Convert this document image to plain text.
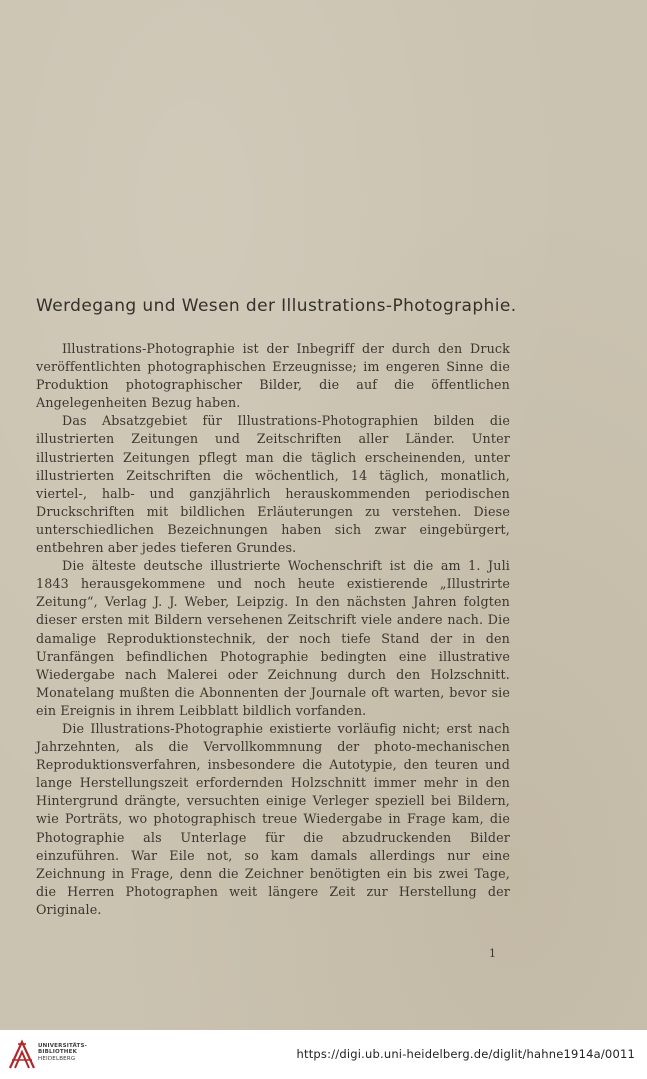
Werdegang und Wesen der Illustrations-Photographie.

Illustrations-Photographie ist der Inbegriff der durch den Druck veröffentlichten photographischen Erzeugnisse; im engeren Sinne die Produktion photographischer Bilder, die auf die öffentlichen Angelegenheiten Bezug haben.

Das Absatzgebiet für Illustrations-Photographien bilden die illustrierten Zeitungen und Zeitschriften aller Länder. Unter illustrierten Zeitungen pflegt man die täglich erscheinenden, unter illustrierten Zeitschriften die wöchentlich, 14 täglich, monatlich, viertel-, halb- und ganzjährlich herauskommenden periodischen Druckschriften mit bildlichen Erläuterungen zu verstehen. Diese unterschiedlichen Bezeichnungen haben sich zwar eingebürgert, entbehren aber jedes tieferen Grundes.

Die älteste deutsche illustrierte Wochenschrift ist die am 1. Juli 1843 herausgekommene und noch heute existierende „Illustrirte Zeitung“, Verlag J. J. Weber, Leipzig. In den nächsten Jahren folgten dieser ersten mit Bildern versehenen Zeitschrift viele andere nach. Die damalige Reproduktionstechnik, der noch tiefe Stand der in den Uranfängen befindlichen Photographie bedingten eine illustrative Wiedergabe nach Malerei oder Zeichnung durch den Holzschnitt. Monatelang mußten die Abonnenten der Journale oft warten, bevor sie ein Ereignis in ihrem Leibblatt bildlich vorfanden.

Die Illustrations-Photographie existierte vorläufig nicht; erst nach Jahrzehnten, als die Vervollkommnung der photo-mechanischen Reproduktionsverfahren, insbesondere die Autotypie, den teuren und lange Herstellungszeit erfordernden Holzschnitt immer mehr in den Hintergrund drängte, versuchten einige Verleger speziell bei Bildern, wie Porträts, wo photographisch treue Wiedergabe in Frage kam, die Photographie als Unterlage für die abzudruckenden Bilder einzuführen. War Eile not, so kam damals allerdings nur eine Zeichnung in Frage, denn die Zeichner benötigten ein bis zwei Tage, die Herren Photographen weit längere Zeit zur Herstellung der Originale.

1
UNIVERSITÄTS-
BIBLIOTHEK
HEIDELBERG	https://digi.ub.uni-heidelberg.de/diglit/hahne1914a/0011
